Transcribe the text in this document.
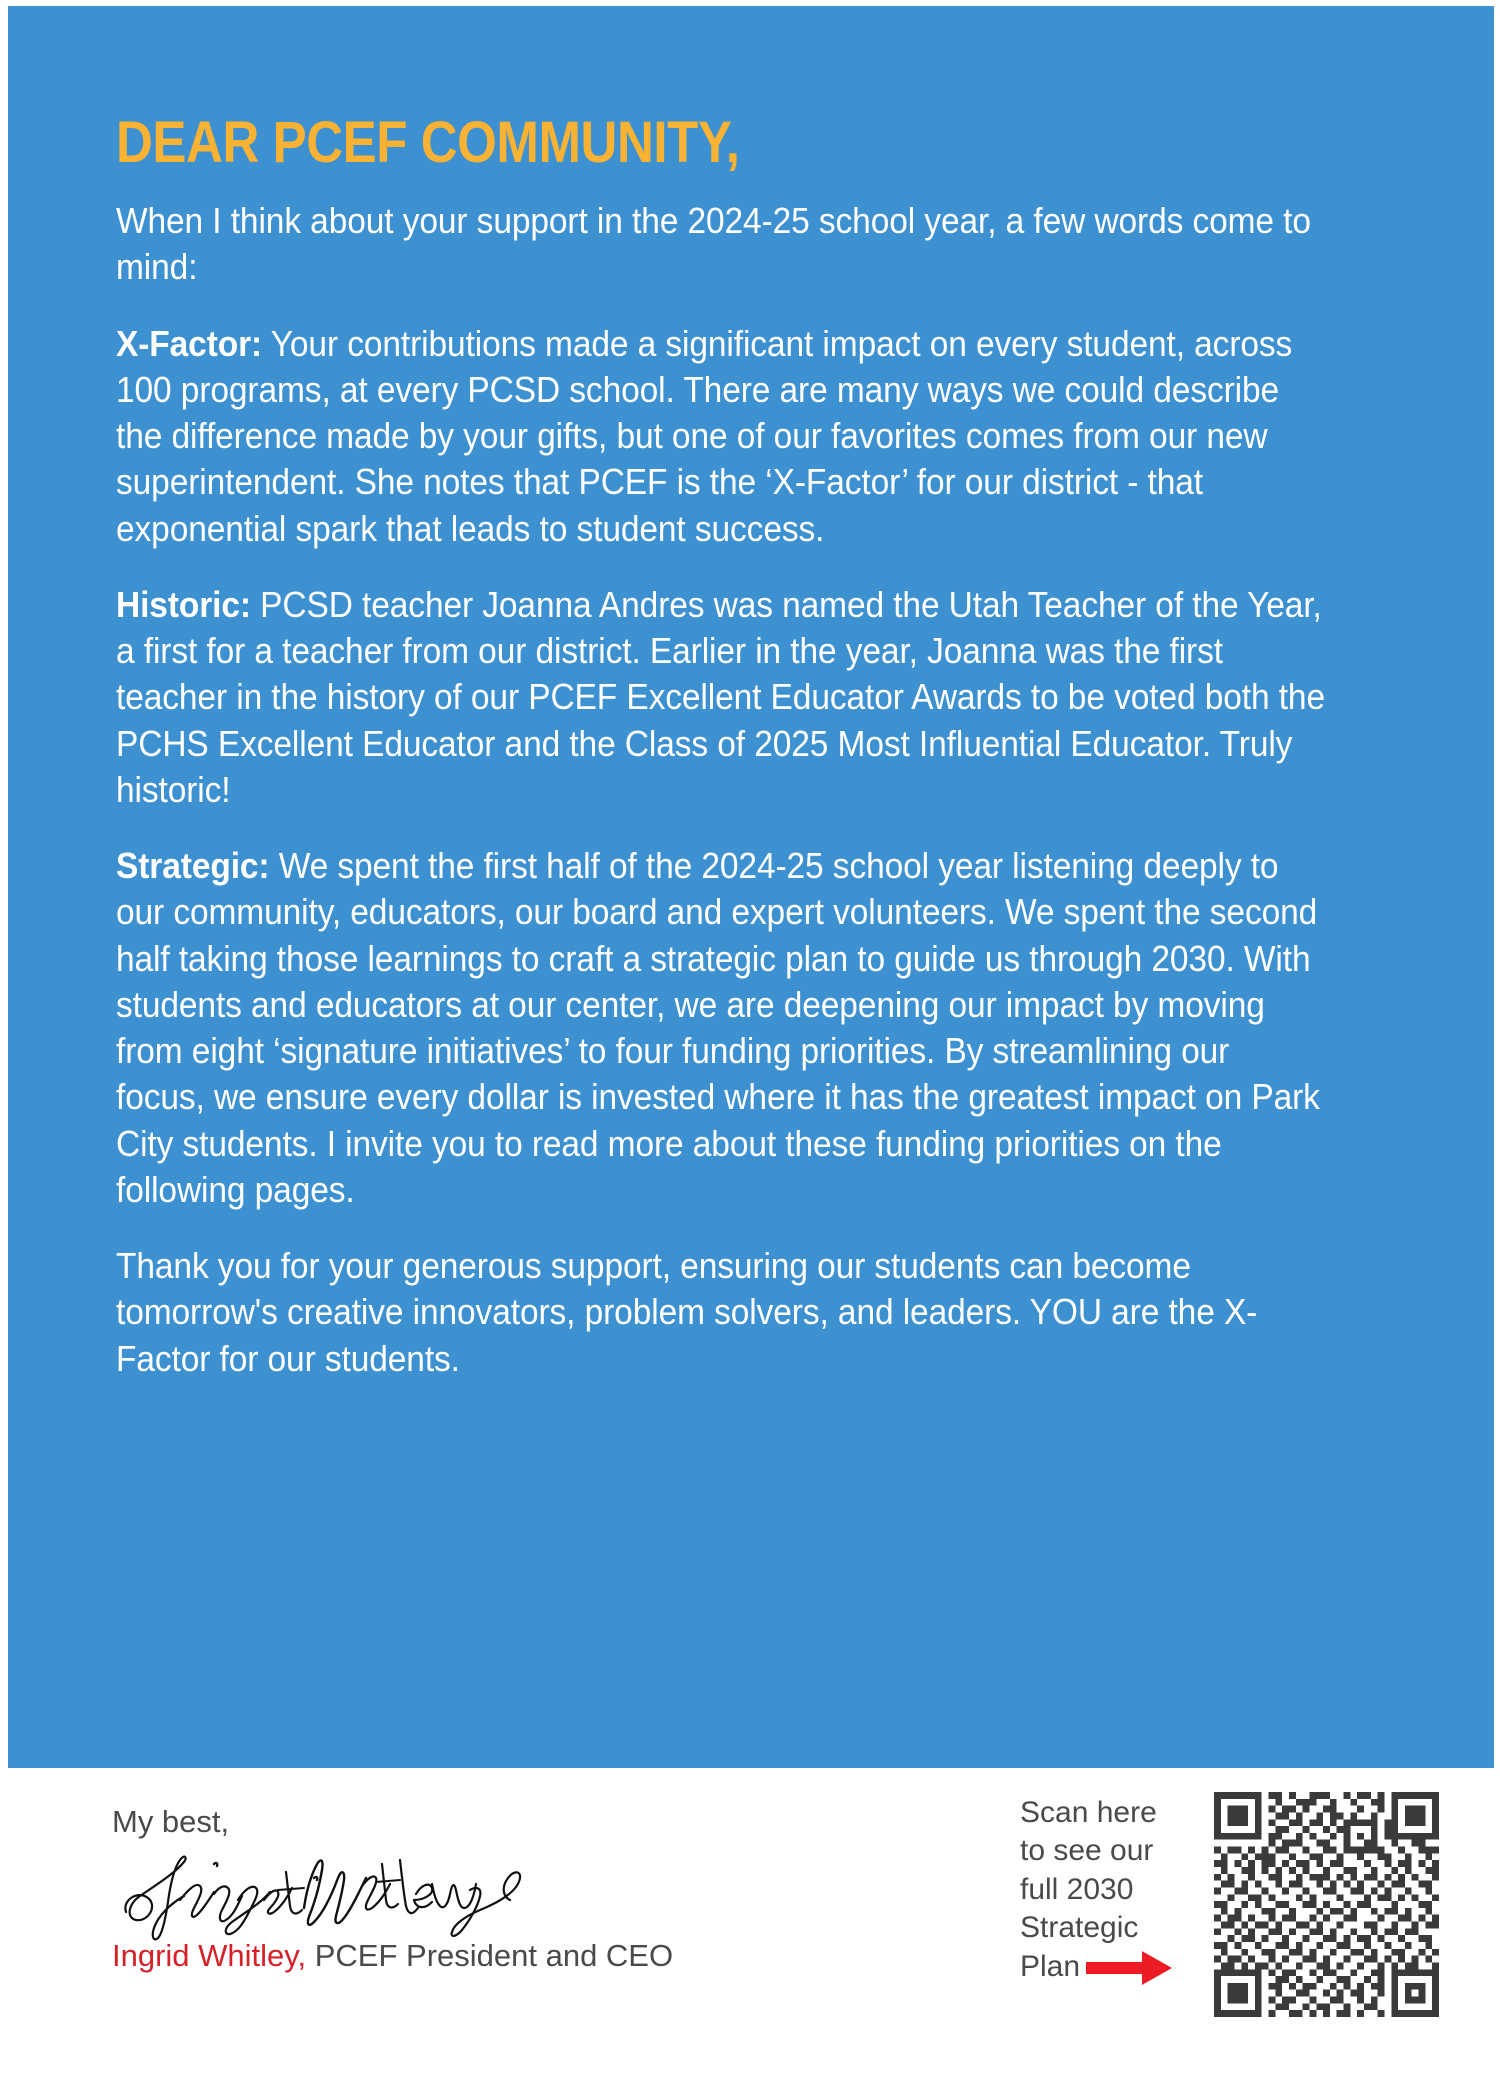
DEAR PCEF COMMUNITY,

When I think about your support in the 2024-25 school year, a few words come to mind:

X-Factor: Your contributions made a significant impact on every student, across 100 programs, at every PCSD school. There are many ways we could describe the difference made by your gifts, but one of our favorites comes from our new superintendent. She notes that PCEF is the ‘X-Factor’ for our district - that exponential spark that leads to student success.

Historic: PCSD teacher Joanna Andres was named the Utah Teacher of the Year, a first for a teacher from our district. Earlier in the year, Joanna was the first teacher in the history of our PCEF Excellent Educator Awards to be voted both the PCHS Excellent Educator and the Class of 2025 Most Influential Educator. Truly historic!

Strategic: We spent the first half of the 2024-25 school year listening deeply to our community, educators, our board and expert volunteers. We spent the second half taking those learnings to craft a strategic plan to guide us through 2030. With students and educators at our center, we are deepening our impact by moving from eight ‘signature initiatives’ to four funding priorities. By streamlining our focus, we ensure every dollar is invested where it has the greatest impact on Park City students. I invite you to read more about these funding priorities on the following pages.

Thank you for your generous support, ensuring our students can become tomorrow's creative innovators, problem solvers, and leaders. YOU are the X-Factor for our students.

My best,

Ingrid Whitley, PCEF President and CEO

Scan here
to see our
full 2030
Strategic
Plan
